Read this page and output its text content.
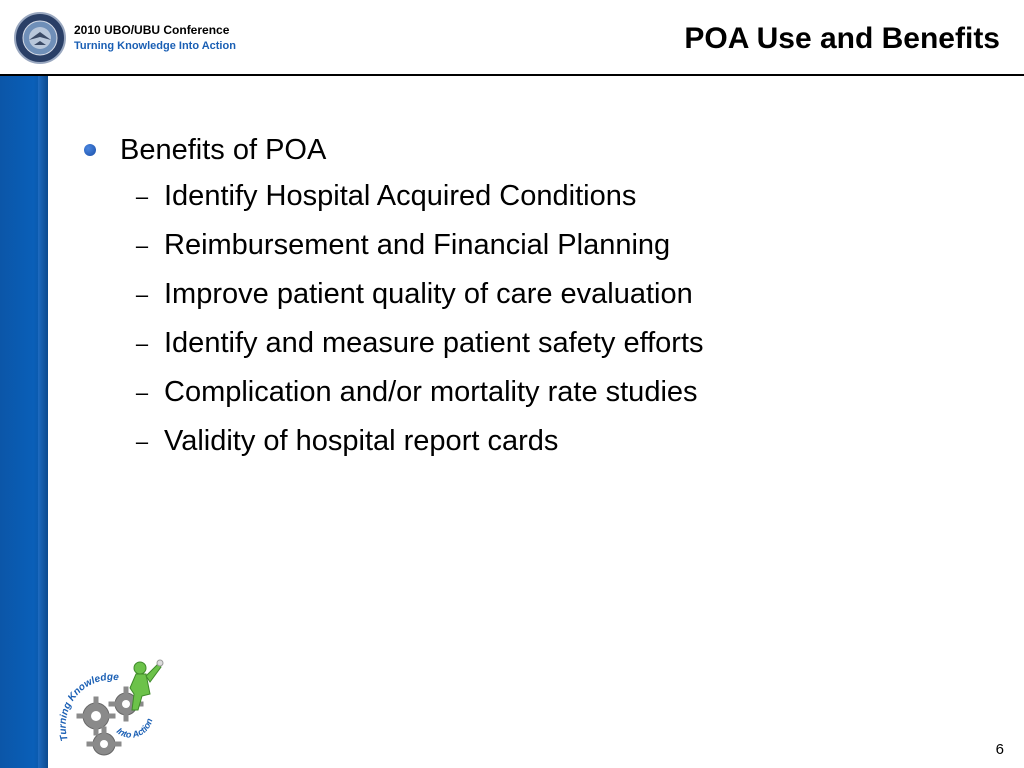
2010 UBO/UBU Conference
Turning Knowledge Into Action	POA Use and Benefits
Benefits of POA
– Identify Hospital Acquired Conditions
– Reimbursement and Financial Planning
– Improve patient quality of care evaluation
– Identify and measure patient safety efforts
– Complication and/or mortality rate studies
– Validity of hospital report cards
Turning Knowledge
Into Action
6
